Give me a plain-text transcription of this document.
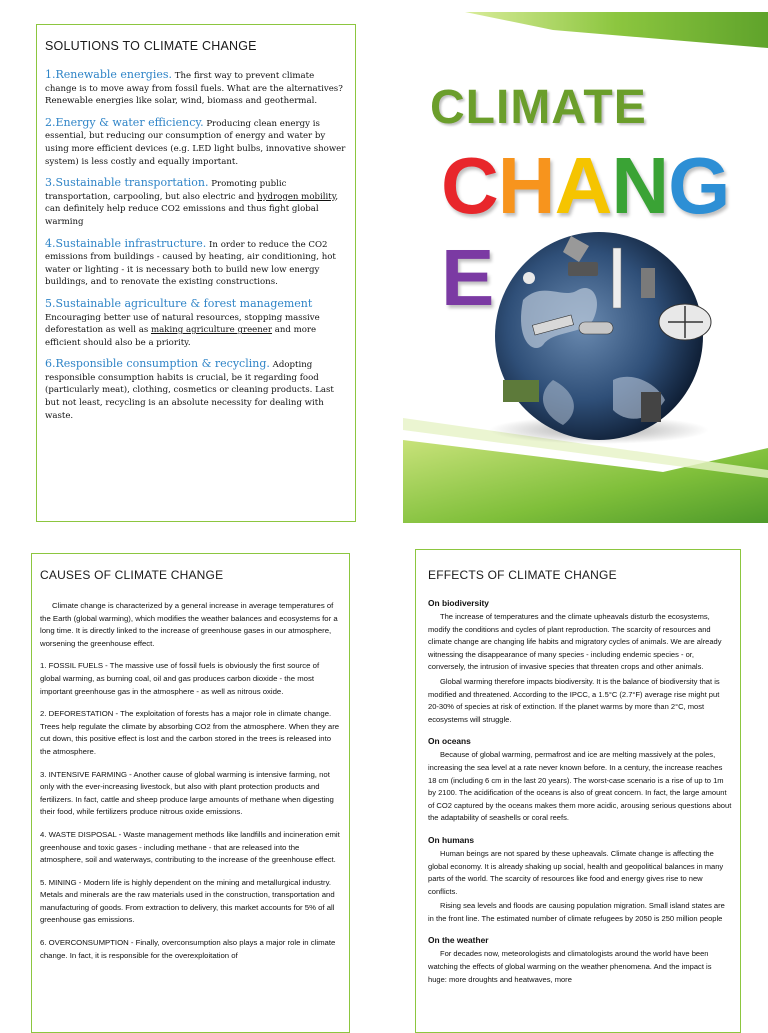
CLIMATE
CHANGE
SOLUTIONS TO CLIMATE CHANGE

1.Renewable energies. The first way to prevent climate change is to move away from fossil fuels. What are the alternatives? Renewable energies like solar, wind, biomass and geothermal.

2.Energy & water efficiency. Producing clean energy is essential, but reducing our consumption of energy and water by using more efficient devices (e.g. LED light bulbs, innovative shower system) is less costly and equally important.

3.Sustainable transportation. Promoting public transportation, carpooling, but also electric and hydrogen mobility, can definitely help reduce CO2 emissions and thus fight global warming

4.Sustainable infrastructure. In order to reduce the CO2 emissions from buildings - caused by heating, air conditioning, hot water or lighting - it is necessary both to build new low energy buildings, and to renovate the existing constructions.

5.Sustainable agriculture & forest management
Encouraging better use of natural resources, stopping massive deforestation as well as making agriculture greener and more efficient should also be a priority.

6.Responsible consumption & recycling. Adopting responsible consumption habits is crucial, be it regarding food (particularly meat), clothing, cosmetics or cleaning products. Last but not least, recycling is an absolute necessity for dealing with waste.

CAUSES OF CLIMATE CHANGE

Climate change is characterized by a general increase in average temperatures of the Earth (global warming), which modifies the weather balances and ecosystems for a long time. It is directly linked to the increase of greenhouse gases in our atmosphere, worsening the greenhouse effect.

1. FOSSIL FUELS - The massive use of fossil fuels is obviously the first source of global warming, as burning coal, oil and gas produces carbon dioxide - the most important greenhouse gas in the atmosphere - as well as nitrous oxide.

2. DEFORESTATION - The exploitation of forests has a major role in climate change. Trees help regulate the climate by absorbing CO2 from the atmosphere. When they are cut down, this positive effect is lost and the carbon stored in the trees is released into the atmosphere.

3. INTENSIVE FARMING - Another cause of global warming is intensive farming, not only with the ever-increasing livestock, but also with plant protection products and fertilizers. In fact, cattle and sheep produce large amounts of methane when digesting their food, while fertilizers produce nitrous oxide emissions.

4. WASTE DISPOSAL - Waste management methods like landfills and incineration emit greenhouse and toxic gases - including methane - that are released into the atmosphere, soil and waterways, contributing to the increase of the greenhouse effect.

5. MINING - Modern life is highly dependent on the mining and metallurgical industry. Metals and minerals are the raw materials used in the construction, transportation and manufacturing of goods. From extraction to delivery, this market accounts for 5% of all greenhouse gas emissions.

6. OVERCONSUMPTION - Finally, overconsumption also plays a major role in climate change. In fact, it is responsible for the overexploitation of

EFFECTS OF CLIMATE CHANGE
On biodiversity

The increase of temperatures and the climate upheavals disturb the ecosystems, modify the conditions and cycles of plant reproduction. The scarcity of resources and climate change are changing life habits and migratory cycles of animals. We are already witnessing the disappearance of many species - including endemic species - or, conversely, the intrusion of invasive species that threaten crops and other animals.

Global warming therefore impacts biodiversity. It is the balance of biodiversity that is modified and threatened. According to the IPCC, a 1.5°C (2.7°F) average rise might put 20-30% of species at risk of extinction. If the planet warms by more than 2°C, most ecosystems will struggle.

On oceans

Because of global warming, permafrost and ice are melting massively at the poles, increasing the sea level at a rate never known before. In a century, the increase reaches 18 cm (including 6 cm in the last 20 years). The worst-case scenario is a rise of up to 1m by 2100. The acidification of the oceans is also of great concern. In fact, the large amount of CO2 captured by the oceans makes them more acidic, arousing serious questions about the adaptability of seashells or coral reefs.

On humans

Human beings are not spared by these upheavals. Climate change is affecting the global economy. It is already shaking up social, health and geopolitical balances in many parts of the world. The scarcity of resources like food and energy gives rise to new conflicts.

Rising sea levels and floods are causing population migration. Small island states are in the front line. The estimated number of climate refugees by 2050 is 250 million people

On the weather

For decades now, meteorologists and climatologists around the world have been watching the effects of global warming on the weather phenomena. And the impact is huge: more droughts and heatwaves, more
